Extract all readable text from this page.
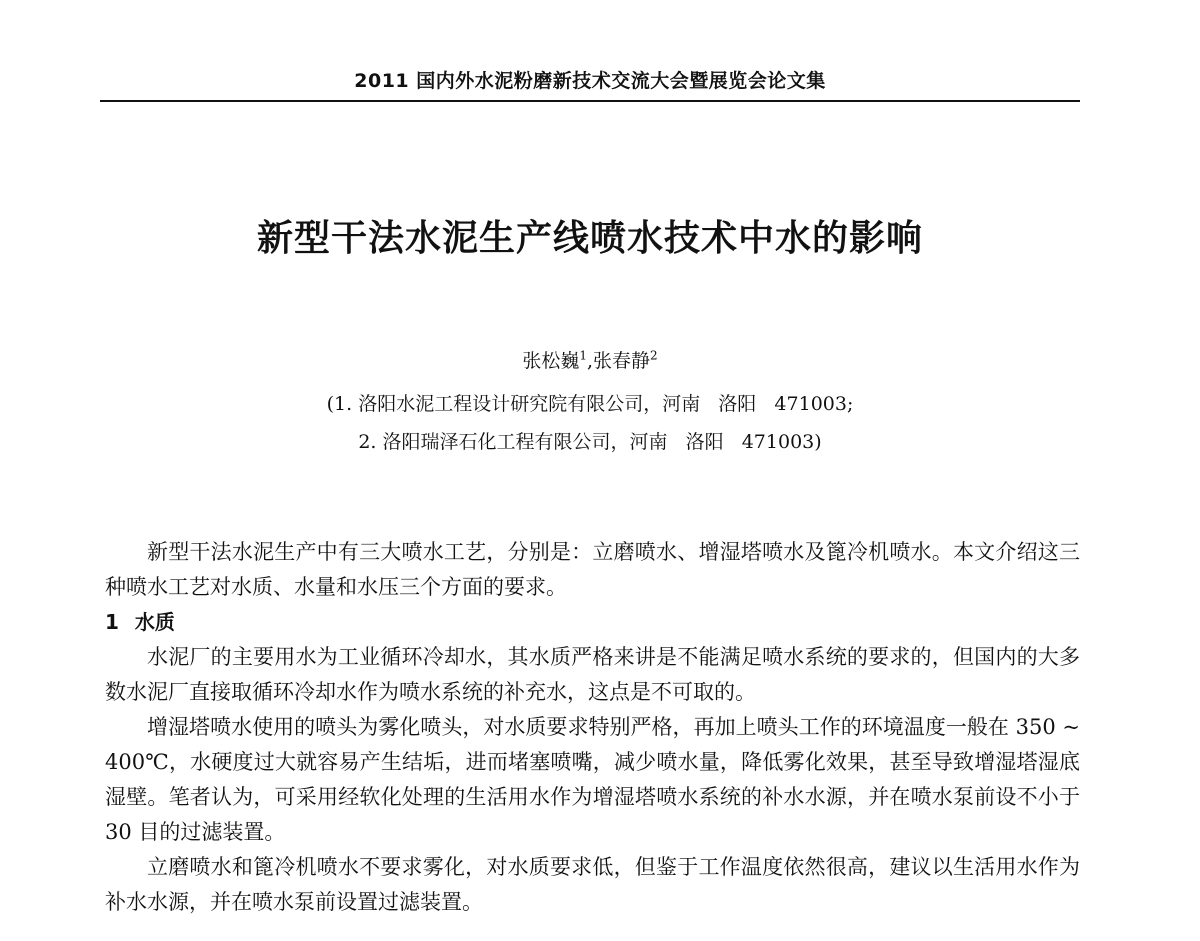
2011 国内外水泥粉磨新技术交流大会暨展览会论文集
新型干法水泥生产线喷水技术中水的影响
张松巍$^1$,张春静$^2$
(1. 洛阳水泥工程设计研究院有限公司，河南   洛阳   471003;
2. 洛阳瑞泽石化工程有限公司，河南   洛阳   471003)

新型干法水泥生产中有三大喷水工艺，分别是：立磨喷水、增湿塔喷水及篦冷机喷水。本文介绍这三种喷水工艺对水质、水量和水压三个方面的要求。

1 水质

水泥厂的主要用水为工业循环冷却水，其水质严格来讲是不能满足喷水系统的要求的，但国内的大多数水泥厂直接取循环冷却水作为喷水系统的补充水，这点是不可取的。

增湿塔喷水使用的喷头为雾化喷头，对水质要求特别严格，再加上喷头工作的环境温度一般在 350 ~ 400℃，水硬度过大就容易产生结垢，进而堵塞喷嘴，减少喷水量，降低雾化效果，甚至导致增湿塔湿底湿壁。笔者认为，可采用经软化处理的生活用水作为增湿塔喷水系统的补水水源，并在喷水泵前设不小于 30 目的过滤装置。

立磨喷水和篦冷机喷水不要求雾化，对水质要求低，但鉴于工作温度依然很高，建议以生活用水作为补水水源，并在喷水泵前设置过滤装置。
